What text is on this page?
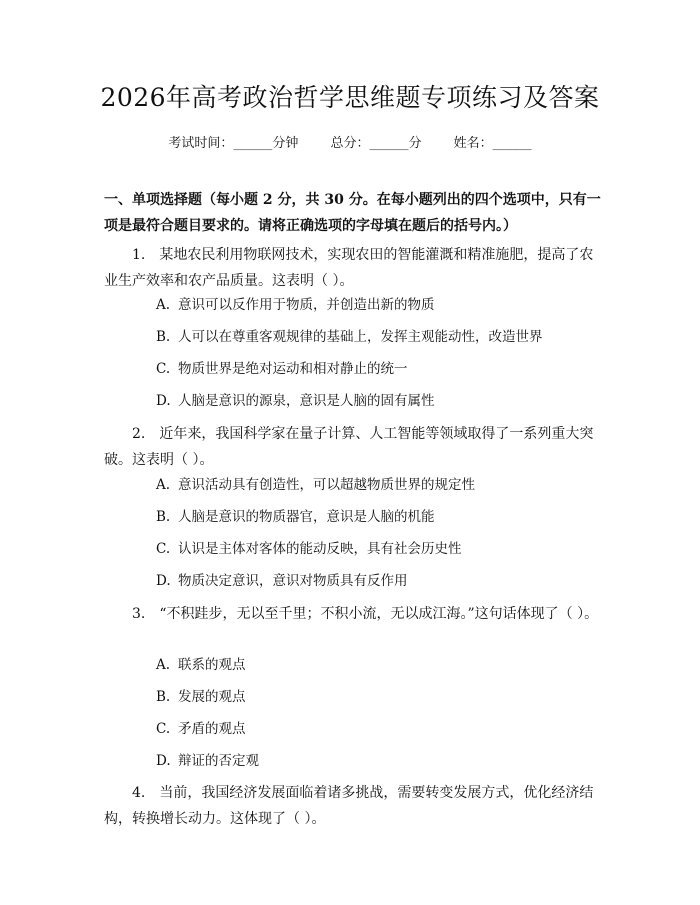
2026年高考政治哲学思维题专项练习及答案
考试时间：______分钟 总分：______分 姓名：______
一、单项选择题（每小题 2 分，共 30 分。在每小题列出的四个选项中，只有一项是最符合题目要求的。请将正确选项的字母填在题后的括号内。）
1.　某地农民利用物联网技术，实现农田的智能灌溉和精准施肥，提高了农业生产效率和农产品质量。这表明（ ）。
A. 意识可以反作用于物质，并创造出新的物质
B. 人可以在尊重客观规律的基础上，发挥主观能动性，改造世界
C. 物质世界是绝对运动和相对静止的统一
D. 人脑是意识的源泉，意识是人脑的固有属性
2.　近年来，我国科学家在量子计算、人工智能等领域取得了一系列重大突破。这表明（ ）。
A. 意识活动具有创造性，可以超越物质世界的规定性
B. 人脑是意识的物质器官，意识是人脑的机能
C. 认识是主体对客体的能动反映，具有社会历史性
D. 物质决定意识，意识对物质具有反作用
3.　“不积跬步，无以至千里；不积小流，无以成江海。”这句话体现了（ ）。
A. 联系的观点
B. 发展的观点
C. 矛盾的观点
D. 辩证的否定观
4.　当前，我国经济发展面临着诸多挑战，需要转变发展方式，优化经济结构，转换增长动力。这体现了（ ）。
